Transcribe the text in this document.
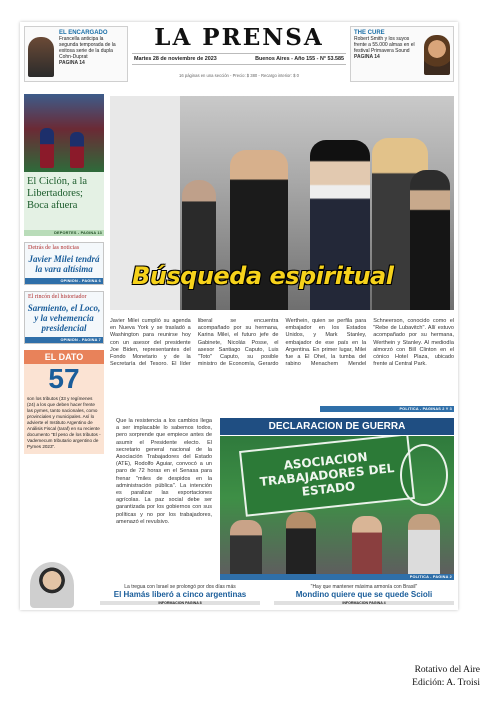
EL ENCARGADO
Francella anticipa la segunda temporada de la exitosa serie de la dupla Cohn-Duprat
PAGINA 14
LA PRENSA
Martes 28 de noviembre de 2023	Buenos Aires - Año 155 - N° 53.585
16 páginas en una sección - Precio: $ 380 - Recargo interior: $ 0
THE CURE
Robert Smith y los suyos frente a 55.000 almas en el festival Primavera Sound
PAGINA 14
El Ciclón, a la Libertadores; Boca afuera
DEPORTES - PAGINA 13
Detrás de las noticias
Javier Milei tendrá la vara altísima
OPINION - PAGINA 6
El rincón del historiador
Sarmiento, el Loco, y la vehemencia presidencial
OPINION - PAGINA 7
EL DATO
57
son los tributos (33 y regímenes (24) a los que deben hacer frente las pymes, tanto nacionales, como provinciales y municipales. Así lo advierte el Instituto Argentino de Análisis Fiscal (Iaraf) en su reciente documento "El peso de los tributos - Vademecum tributario argentino de Pymes 2023".
Búsqueda espiritual
Javier Milei cumplió su agenda en Nueva York y se trasladó a Washington para reunirse hoy con un asesor del presidente Joe Biden, representantes del Fondo Monetario y de la Secretaría del Tesoro. El líder liberal se encuentra acompañado por su hermana, Karina Milei, el futuro jefe de Gabinete, Nicolás Posse, el asesor Santiago Caputo, Luis "Toto" Caputo, su posible ministro de Economía, Gerardo Werthein, quien se perfila para embajador en los Estados Unidos, y Mark Stanley, embajador de ese país en la Argentina. En primer lugar, Milei fue a El Ohel, la tumba del rabino Menachem Mendel Schneerson, conocido como el "Rebe de Lubavitch". Allí estuvo acompañado por su hermana, Werthein y Stanley. Al mediodía almorzó con Bill Clinton en el cónico Hotel Plaza, ubicado frente al Central Park.
POLITICA - PAGINAS 2 Y 3
Que la resistencia a los cambios llega a ser implacable lo sabemos todos, pero sorprende que empiece antes de asumir el Presidente electo. El secretario general nacional de la Asociación Trabajadores del Estado (ATE), Rodolfo Aguiar, convocó a un paro de 72 horas en el Senasa para frenar "miles de despidos en la administración pública". La intención es paralizar las exportaciones agrícolas. La paz social debe ser garantizada por los gobiernos con sus políticas y no por los trabajadores, amenazó el revulsivo.
DECLARACION DE GUERRA
ASOCIACION TRABAJADORES DEL ESTADO
POLITICA - PAGINA 2
La tregua con Israel se prolongó por dos días más
El Hamás liberó a cinco argentinas
INFORMACION PAGINA 8
"Hay que mantener máxima armonía con Brasil"
Mondino quiere que se quede Scioli
INFORMACION PAGINA 4
Rotativo del Aire
Edición: A. Troisi
